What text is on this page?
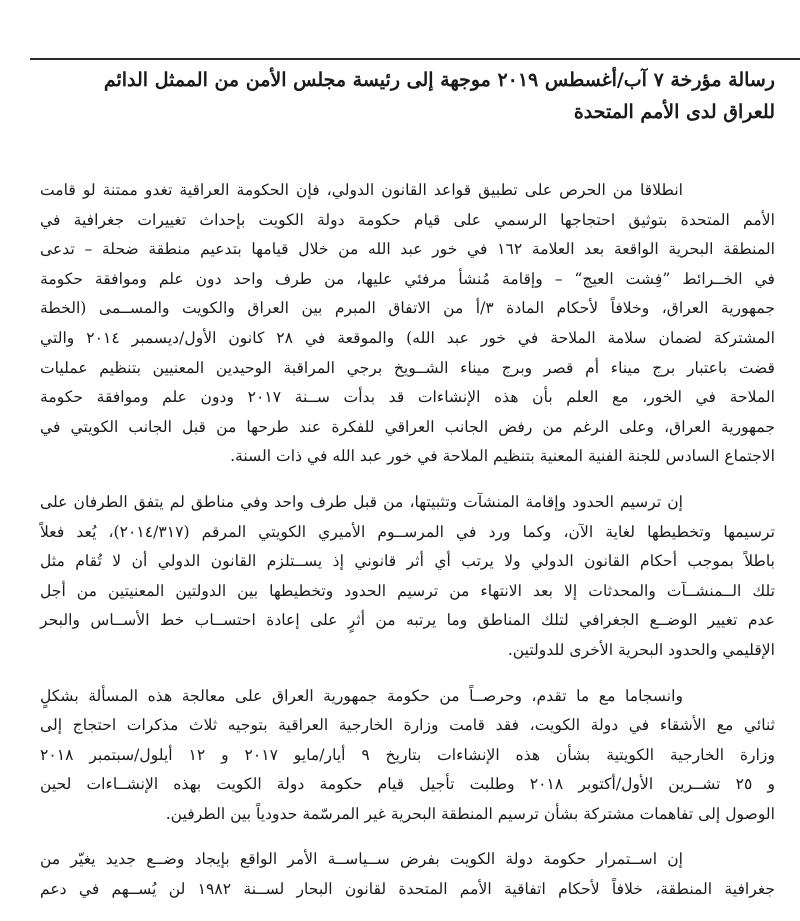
رسالة مؤرخة ٧ آب/أغسطس ٢٠١٩ موجهة إلى رئيسة مجلس الأمن من الممثل الدائم
للعراق لدى الأمم المتحدة

انطلاقا من الحرص على تطبيق قواعد القانون الدولي، فإن الحكومة العراقية تغدو ممتنة لو قامت
الأمم المتحدة بتوثيق احتجاجها الرسمي على قيام حكومة دولة الكويت بإحداث تغييرات جغرافية في
المنطقة البحرية الواقعة بعد العلامة ١٦٢ في خور عبد الله من خلال قيامها بتدعيم منطقة ضحلة – تدعى
في الخــرائط ”فِشت العيج“ – وإقامة مُنشأ مرفئي عليها، من طرف واحد دون علم وموافقة حكومة
جمهورية العراق، وخلافاً لأحكام المادة ٣/أ من الاتفاق المبرم بين العراق والكويت والمســمى (الخطة
المشتركة لضمان سلامة الملاحة في خور عبد الله) والموقعة في ٢٨ كانون الأول/ديسمبر ٢٠١٤ والتي
قضت باعتبار برج ميناء أم قصر وبرج ميناء الشــويخ برجي المراقبة الوحيدين المعنيين بتنظيم عمليات
الملاحة في الخور، مع العلم بأن هذه الإنشاءات قد بدأت ســنة ٢٠١٧ ودون علم وموافقة حكومة
جمهورية العراق، وعلى الرغم من رفض الجانب العراقي للفكرة عند طرحها من قبل الجانب الكويتي في
الاجتماع السادس للجنة الفنية المعنية بتنظيم الملاحة في خور عبد الله في ذات السنة.

إن ترسيم الحدود وإقامة المنشآت وتثبيتها، من قبل طرف واحد وفي مناطق لم يتفق الطرفان على
ترسيمها وتخطيطها لغاية الآن، وكما ورد في المرســوم الأميري الكويتي المرقم (٢٠١٤/٣١٧)، يُعد فعلاً
باطلاً بموجب أحكام القانون الدولي ولا يرتب أي أثر قانوني إذ يســتلزم القانون الدولي أن لا تُقام مثل
تلك الــمنشــآت والمحدثات إلا بعد الانتهاء من ترسيم الحدود وتخطيطها بين الدولتين المعنيتين من أجل
عدم تغيير الوضــع الجغرافي لتلك المناطق وما يرتبه من أثرٍ على إعادة احتســاب خط الأســاس والبحر
الإقليمي والحدود البحرية الأخرى للدولتين.

وانسجاما مع ما تقدم، وحرصــاً من حكومة جمهورية العراق على معالجة هذه المسألة بشكلٍ
ثنائي مع الأشقاء في دولة الكويت، فقد قامت وزارة الخارجية العراقية بتوجيه ثلاث مذكرات احتجاج إلى
وزارة الخارجية الكويتية بشأن هذه الإنشاءات بتاريخ ٩ أيار/مايو ٢٠١٧ و ١٢ أيلول/سبتمبر ٢٠١٨
و ٢٥ تشــرين الأول/أكتوبر ٢٠١٨ وطلبت تأجيل قيام حكومة دولة الكويت بهذه الإنشــاءات لحين
الوصول إلى تفاهمات مشتركة بشأن ترسيم المنطقة البحرية غير المرسّمة حدودياً بين الطرفين.

إن اســتمرار حكومة دولة الكويت بفرض ســياســة الأمر الواقع بإيجاد وضــع جديد يغيّر من
جغرافية المنطقة، خلافاً لأحكام اتفاقية الأمم المتحدة لقانون البحار لســنة ١٩٨٢ لن يُســهم في دعم
